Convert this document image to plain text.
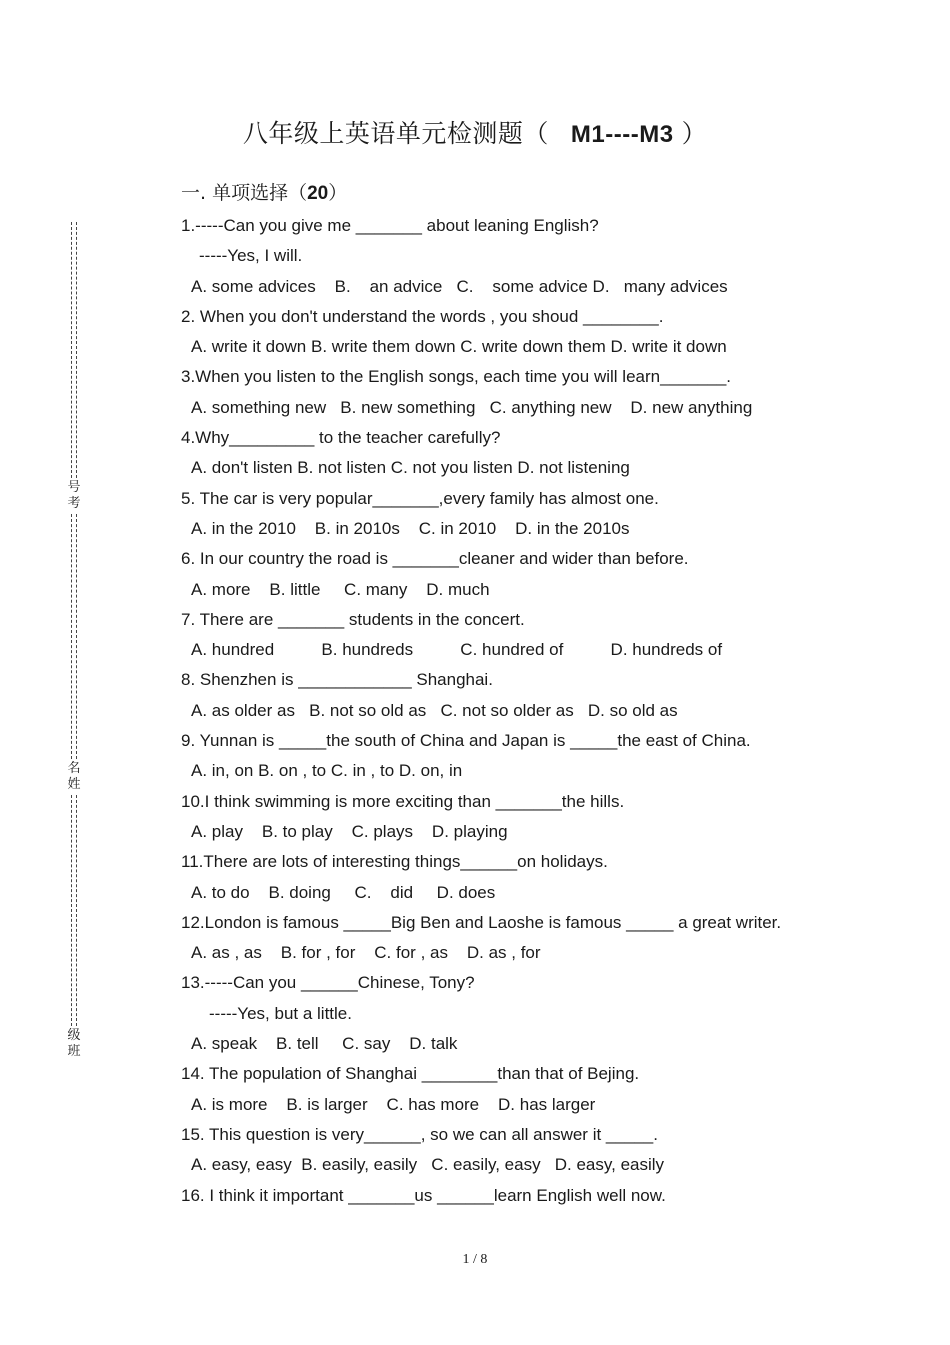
八年级上英语单元检测题（ M1----M3 ）
一. 单项选择（20）
1.-----Can you give me _______ about leaning English?
-----Yes, I will.
A. some advices    B.    an advice   C.    some advice D.   many advices
2. When you don't understand the words , you shoud ________.
A. write it down B. write them down C. write down them D. write it down
3.When you listen to the English songs, each time you will learn_______.
A. something new   B. new something   C. anything new    D. new anything
4.Why_________ to the teacher carefully?
A. don't listen B. not listen C. not you listen D. not listening
5. The car is very popular_______,every family has almost one.
A. in the 2010    B. in 2010s    C. in 2010    D. in the 2010s
6. In our country the road is _______cleaner and wider than before.
A. more    B. little     C. many    D. much
7. There are _______ students in the concert.
A. hundred          B. hundreds          C. hundred of          D. hundreds of
8. Shenzhen is ____________ Shanghai.
A. as older as   B. not so old as   C. not so older as   D. so old as
9. Yunnan is _____the south of China and Japan is _____the east of China.
A. in, on B. on , to C. in , to D. on, in
10.I think swimming is more exciting than _______the hills.
A. play    B. to play    C. plays    D. playing
11.There are lots of interesting things______on holidays.
A. to do    B. doing     C.    did     D. does
12.London is famous _____Big Ben and Laoshe is famous _____ a great writer.
A. as , as    B. for , for    C. for , as    D. as , for
13.-----Can you ______Chinese, Tony?
-----Yes, but a little.
A. speak    B. tell     C. say    D. talk
14. The population of Shanghai ________than that of Bejing.
A. is more    B. is larger    C. has more    D. has larger
15. This question is very______, so we can all answer it _____.
A. easy, easy  B. easily, easily   C. easily, easy   D. easy, easily
16. I think it important _______us ______learn English well now.
号
考
名
姓
级
班
1 / 8
